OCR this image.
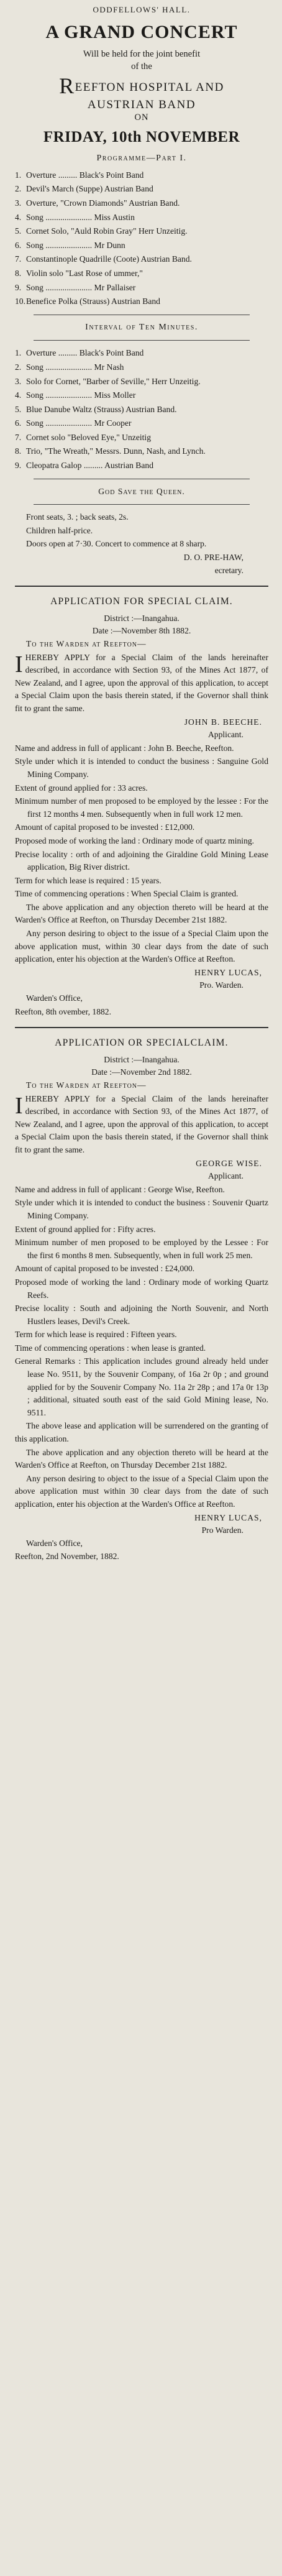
ODDFELLOWS' HALL.
A GRAND CONCERT
Will be held for the joint benefit
of the
REEFTON HOSPITAL AND
AUSTRIAN BAND
ON
FRIDAY, 10th NOVEMBER
Programme—Part I.
1. Overture ......... Black's Point Band
2. Devil's March (Suppe) Austrian Band
3. Overture, "Crown Diamonds" Austrian Band.
4. Song ...................... Miss Austin
5. Cornet Solo, "Auld Robin Gray" Herr Unzeitig.
6. Song ...................... Mr Dunn
7. Constantinople Quadrille (Coote) Austrian Band.
8. Violin solo "Last Rose of ummer,"
9. Song ...................... Mr Pallaiser
10. Benefice Polka (Strauss) Austrian Band
Interval of Ten Minutes.
1. Overture ......... Black's Point Band
2. Song ...................... Mr Nash
3. Solo for Cornet, "Barber of Seville," Herr Unzeitig.
4. Song ...................... Miss Moller
5. Blue Danube Waltz (Strauss) Austrian Band.
6. Song ...................... Mr Cooper
7. Cornet solo "Beloved Eye," Unzeitig
8. Trio, "The Wreath," Messrs. Dunn, Nash, and Lynch.
9. Cleopatra Galop ......... Austrian Band
God Save the Queen.
Front seats, 3. ; back seats, 2s.
Children half-price.
Doors open at 7·30. Concert to commence at 8 sharp.
D. O. PRE-HAW,
ecretary.
APPLICATION FOR SPECIAL CLAIM.
District :—Inangahua.
Date :—November 8th 1882.
To the Warden at Reefton—
IHEREBY APPLY for a Special Claim of the lands hereinafter described, in accordance with Section 93, of the Mines Act 1877, of New Zealand, and I agree, upon the approval of this application, to accept a Special Claim upon the basis therein stated, if the Governor shall think fit to grant the same.
JOHN B. BEECHE.
Applicant.
Name and address in full of applicant : John B. Beeche, Reefton.
Style under which it is intended to conduct the business : Sanguine Gold Mining Company.
Extent of ground applied for : 33 acres.
Minimum number of men proposed to be employed by the lessee : For the first 12 months 4 men. Subsequently when in full work 12 men.
Amount of capital proposed to be invested : £12,000.
Proposed mode of working the land : Ordinary mode of quartz mining.
Precise locality : orth of and adjoining the Giraldine Gold Mining Lease application, Big River district.
Term for which lease is required : 15 years.
Time of commencing operations : When Special Claim is granted.
The above application and any objection thereto will be heard at the Warden's Office at Reefton, on Thursday December 21st 1882.
Any person desiring to object to the issue of a Special Claim upon the above application must, within 30 clear days from the date of such application, enter his objection at the Warden's Office at Reefton.
HENRY LUCAS,
Pro. Warden.
Warden's Office,
Reefton, 8th ovember, 1882.
APPLICATION OR SPECIALCLAIM.
District :—Inangahua.
Date :—November 2nd 1882.
To the Warden at Reefton—
IHEREBY APPLY for a Special Claim of the lands hereinafter described, in accordance with Section 93, of the Mines Act 1877, of New Zealand, and I agree, upon the approval of this application, to accept a Special Claim upon the basis therein stated, if the Governor shall think fit to grant the same.
GEORGE WISE.
Applicant.
Name and address in full of applicant : George Wise, Reefton.
Style under which it is intended to conduct the business : Souvenir Quartz Mining Company.
Extent of ground applied for : Fifty acres.
Minimum number of men proposed to be employed by the Lessee : For the first 6 months 8 men. Subsequently, when in full work 25 men.
Amount of capital proposed to be invested : £24,000.
Proposed mode of working the land : Ordinary mode of working Quartz Reefs.
Precise locality : South and adjoining the North Souvenir, and North Hustlers leases, Devil's Creek.
Term for which lease is required : Fifteen years.
Time of commencing operations : when lease is granted.
General Remarks : This application includes ground already held under lease No. 9511, by the Souvenir Company, of 16a 2r 0p ; and ground applied for by the Souvenir Company No. 11a 2r 28p ; and 17a 0r 13p ; additional, situated south east of the said Gold Mining lease, No. 9511.
The above lease and application will be surrendered on the granting of this application.
The above application and any objection thereto will be heard at the Warden's Office at Reefton, on Thursday December 21st 1882.
Any person desiring to object to the issue of a Special Claim upon the above application must within 30 clear days from the date of such application, enter his objection at the Warden's Office at Reefton.
HENRY LUCAS,
Pro Warden.
Warden's Office,
Reefton, 2nd November, 1882.
